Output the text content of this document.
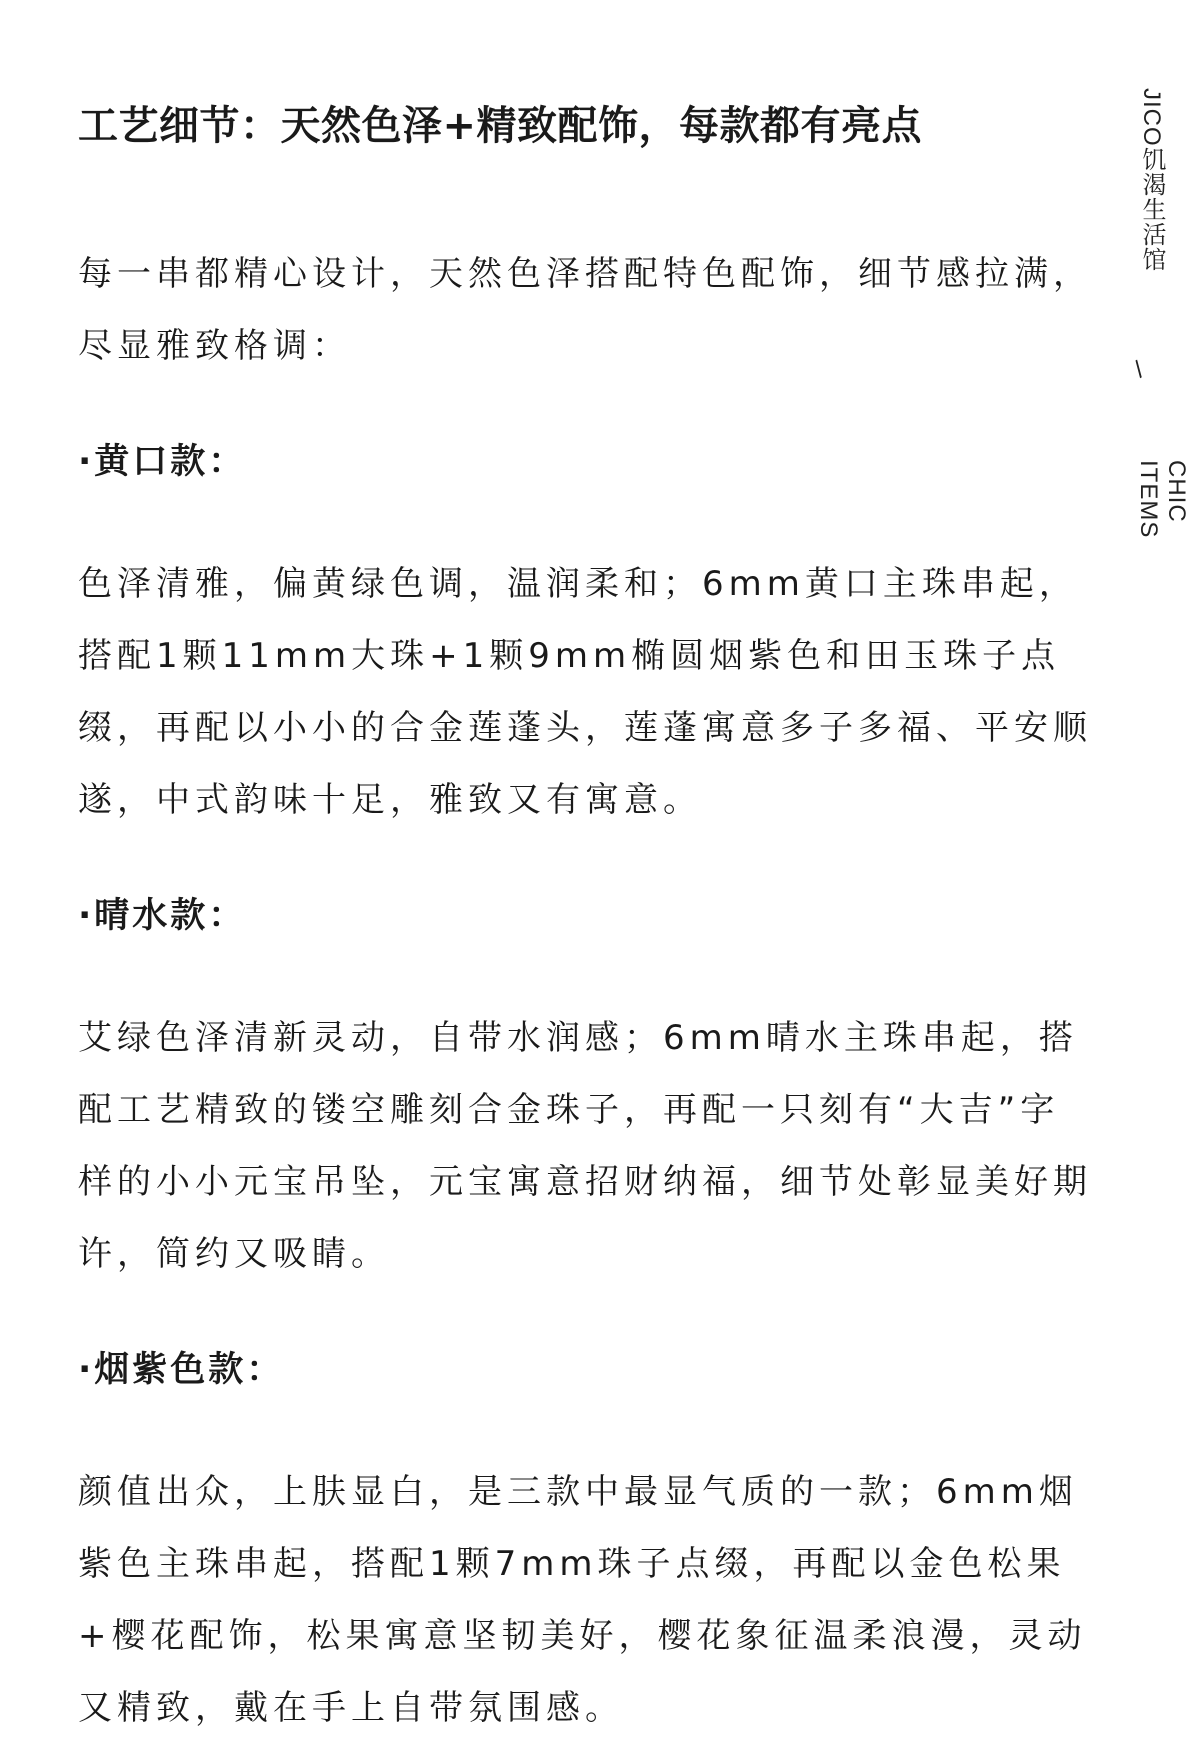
工艺细节：天然色泽+精致配饰，每款都有亮点

每一串都精心设计，天然色泽搭配特色配饰，细节感拉满，
尽显雅致格调：

·黄口款：

色泽清雅，偏黄绿色调，温润柔和；6mm黄口主珠串起，
搭配1颗11mm大珠+1颗9mm椭圆烟紫色和田玉珠子点
缀，再配以小小的合金莲蓬头，莲蓬寓意多子多福、平安顺
遂，中式韵味十足，雅致又有寓意。

·晴水款：

艾绿色泽清新灵动，自带水润感；6mm晴水主珠串起，搭
配工艺精致的镂空雕刻合金珠子，再配一只刻有“大吉”字
样的小小元宝吊坠，元宝寓意招财纳福，细节处彰显美好期
许，简约又吸睛。

·烟紫色款：

颜值出众，上肤显白，是三款中最显气质的一款；6mm烟
紫色主珠串起，搭配1颗7mm珠子点缀，再配以金色松果
+樱花配饰，松果寓意坚韧美好，樱花象征温柔浪漫，灵动
又精致，戴在手上自带氛围感。

JICO饥渴生活馆
/
CHIC ITEMS
